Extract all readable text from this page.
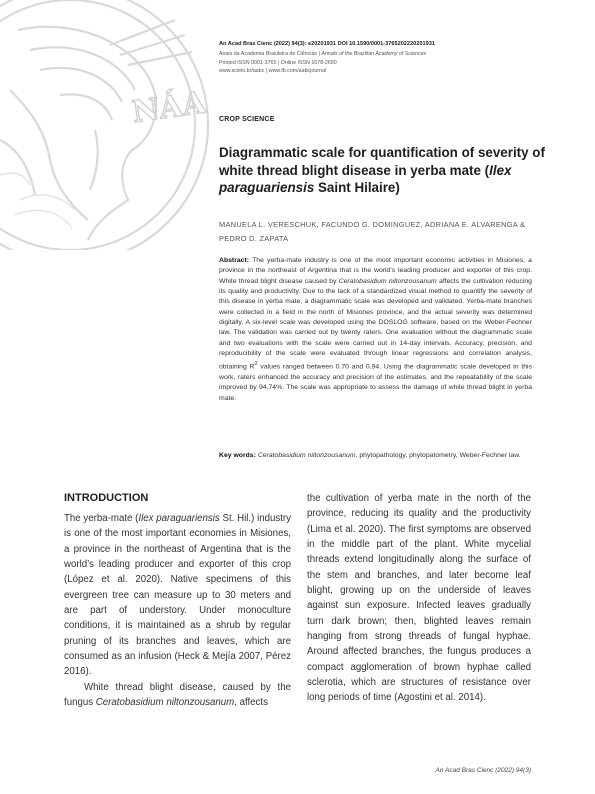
NÁA
An Acad Bras Cienc (2022) 94(3): e20201931 DOI 10.1590/0001-3765202220201931
Anais da Academia Brasileira de Ciências | Annals of the Brazilian Academy of Sciences
Printed ISSN 0001-3765 | Online ISSN 1678-2690
www.scielo.br/aabc | www.fb.com/aabcjournal
CROP SCIENCE
Diagrammatic scale for quantification of severity of white thread blight disease in yerba mate (Ilex paraguariensis Saint Hilaire)
MANUELA L. VERESCHUK, FACUNDO G. DOMINGUEZ, ADRIANA E. ALVARENGA & PEDRO D. ZAPATA
Abstract: The yerba-mate industry is one of the most important economic activities in Misiones, a province in the northeast of Argentina that is the world’s leading producer and exporter of this crop. White thread blight disease caused by Ceratobasidium niltonzousanum affects the cultivation reducing its quality and productivity. Due to the lack of a standardized visual method to quantify the severity of this disease in yerba mate, a diagrammatic scale was developed and validated. Yerba-mate branches were collected in a field in the north of Misiones province, and the actual severity was determined digitally. A six-level scale was developed using the DOSLOG software, based on the Weber-Fechner law. The validation was carried out by twenty raters. One evaluation without the diagrammatic scale and two evaluations with the scale were carried out in 14-day intervals. Accuracy, precision, and reproducibility of the scale were evaluated through linear regressions and correlation analysis, obtaining $R^2$ values ranged between 0.70 and 0.94. Using the diagrammatic scale developed in this work, raters enhanced the accuracy and precision of the estimates, and the repeatability of the scale improved by 94.74%. The scale was appropriate to assess the damage of white thread blight in yerba mate.
Key words: Ceratobasidium niltonzousanum, phytopathology, phytopatometry, Weber-Fechner law.
INTRODUCTION

The yerba-mate (Ilex paraguariensis St. Hil.) industry is one of the most important economies in Misiones, a province in the northeast of Argentina that is the world’s leading producer and exporter of this crop (López et al. 2020). Native specimens of this evergreen tree can measure up to 30 meters and are part of understory. Under monoculture conditions, it is maintained as a shrub by regular pruning of its branches and leaves, which are consumed as an infusion (Heck & Mejía 2007, Pérez 2016).

White thread blight disease, caused by the fungus Ceratobasidium niltonzousanum, affects

the cultivation of yerba mate in the north of the province, reducing its quality and the productivity (Lima et al. 2020). The first symptoms are observed in the middle part of the plant. White mycelial threads extend longitudinally along the surface of the stem and branches, and later become leaf blight, growing up on the underside of leaves against sun exposure. Infected leaves gradually turn dark brown; then, blighted leaves remain hanging from strong threads of fungal hyphae. Around affected branches, the fungus produces a compact agglomeration of brown hyphae called sclerotia, which are structures of resistance over long periods of time (Agostini et al. 2014).

An Acad Bras Cienc (2022) 94(3)
